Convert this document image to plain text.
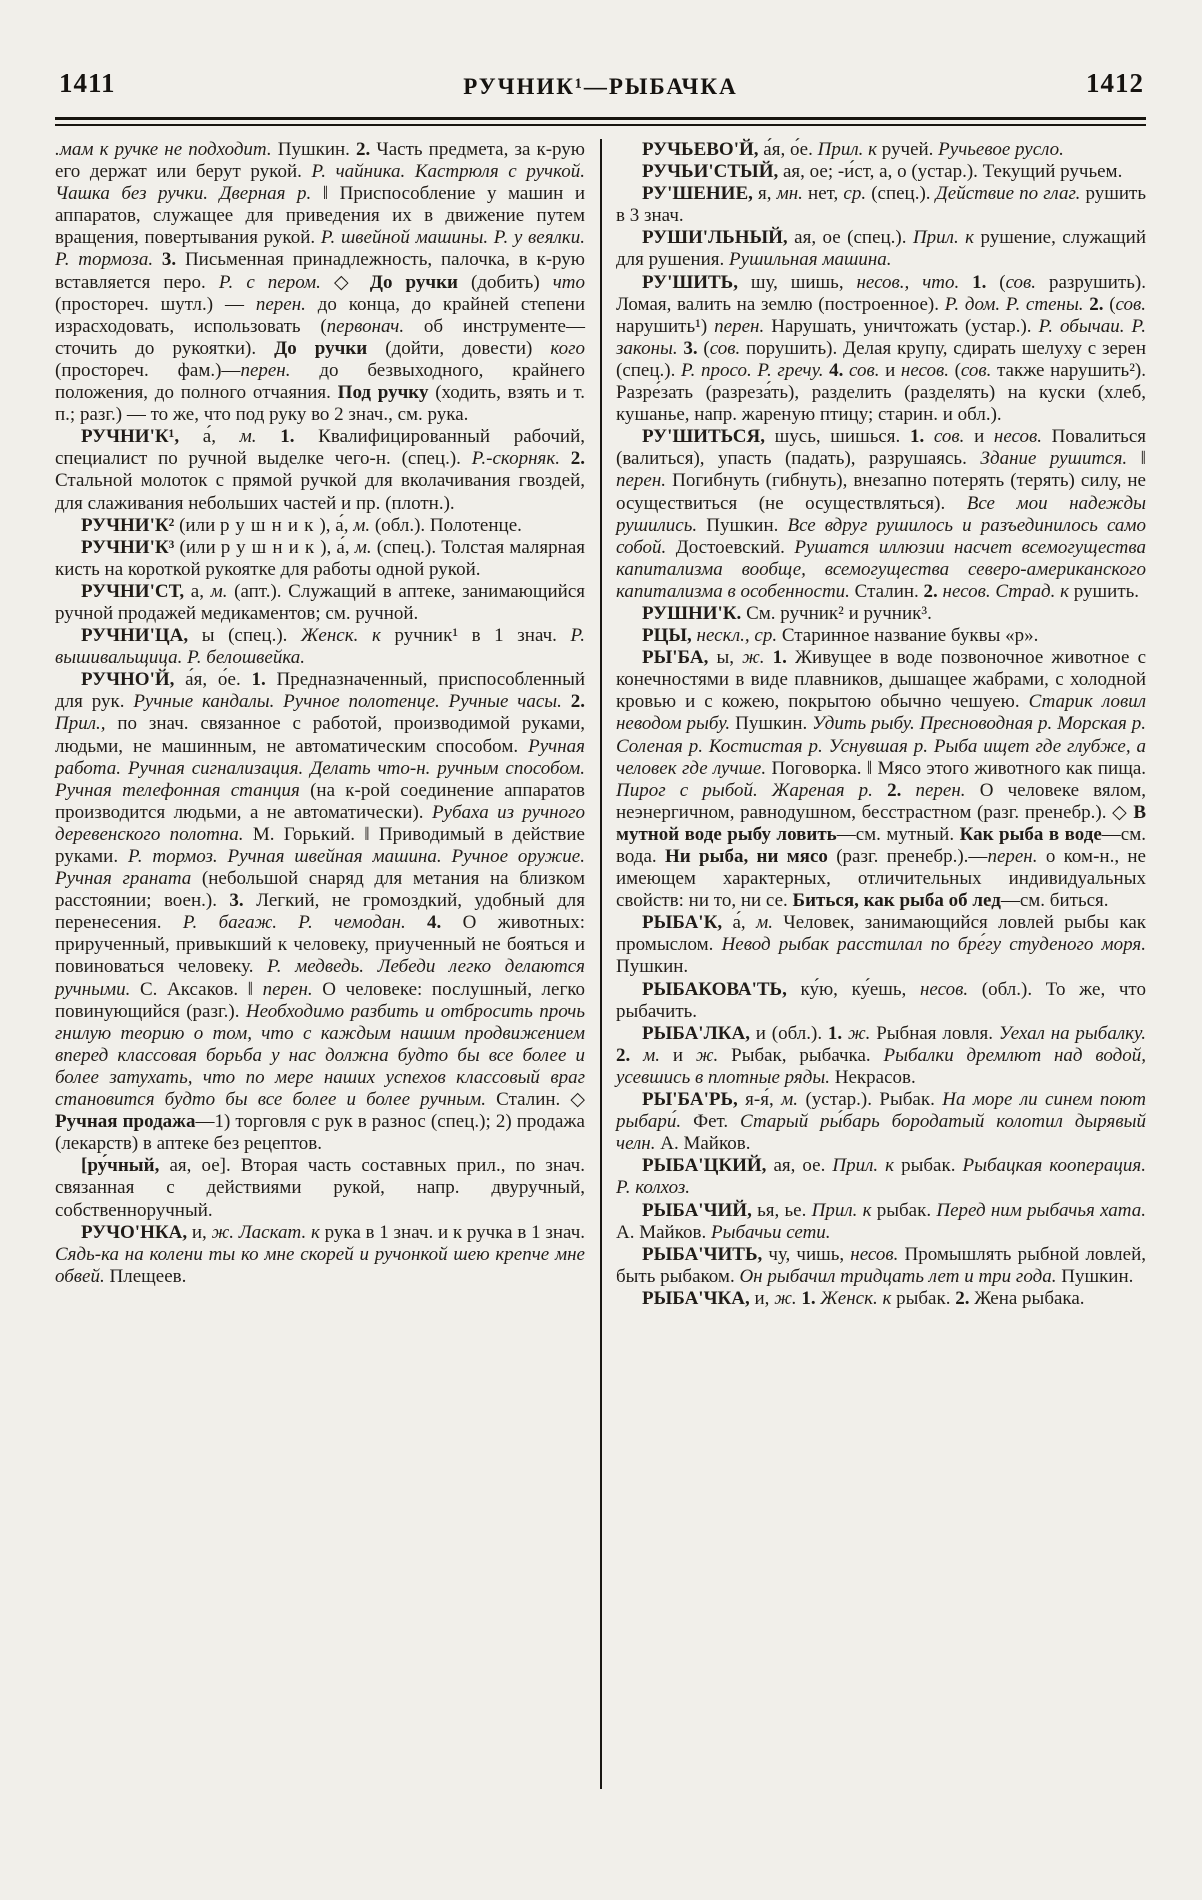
1411	РУЧНИК¹—РЫБАЧКА	1412

.мам к ручке не подходит. Пушкин. 2. Часть предмета, за к-рую его держат или берут рукой. Р. чайника. Кастрюля с ручкой. Чашка без ручки. Дверная р. ‖ Приспособление у машин и аппаратов, служащее для приведения их в движение путем вращения, повертывания рукой. Р. швейной машины. Р. у веялки. Р. тормоза. 3. Письменная принадлежность, палочка, в к-рую вставляется перо. Р. с пером. ◇ До ручки (добить) что (простореч. шутл.) — перен. до конца, до крайней степени израсходовать, использовать (первонач. об инструменте—сточить до рукоятки). До ручки (дойти, довести) кого (простореч. фам.)—перен. до безвыходного, крайнего положения, до полного отчаяния. Под ручку (ходить, взять и т. п.; разг.) — то же, что под руку во 2 знач., см. рука.

РУЧНИ'К¹, а́, м. 1. Квалифицированный рабочий, специалист по ручной выделке чего-н. (спец.). Р.-скорняк. 2. Стальной молоток с прямой ручкой для вколачивания гвоздей, для слаживания небольших частей и пр. (плотн.).

РУЧНИ'К² (или рушник), а́, м. (обл.). Полотенце.

РУЧНИ'К³ (или рушник), а́, м. (спец.). Толстая малярная кисть на короткой рукоятке для работы одной рукой.

РУЧНИ'СТ, а, м. (апт.). Служащий в аптеке, занимающийся ручной продажей медикаментов; см. ручной.

РУЧНИ'ЦА, ы (спец.). Женск. к ручник¹ в 1 знач. Р. вышивальщица. Р. белошвейка.

РУЧНО'Й, а́я, о́е. 1. Предназначенный, приспособленный для рук. Ручные кандалы. Ручное полотенце. Ручные часы. 2. Прил., по знач. связанное с работой, производимой руками, людьми, не машинным, не автоматическим способом. Ручная работа. Ручная сигнализация. Делать что-н. ручным способом. Ручная телефонная станция (на к-рой соединение аппаратов производится людьми, а не автоматически). Рубаха из ручного деревенского полотна. М. Горький. ‖ Приводимый в действие руками. Р. тормоз. Ручная швейная машина. Ручное оружие. Ручная граната (небольшой снаряд для метания на близком расстоянии; воен.). 3. Легкий, не громоздкий, удобный для перенесения. Р. багаж. Р. чемодан. 4. О животных: прирученный, привыкший к человеку, приученный не бояться и повиноваться человеку. Р. медведь. Лебеди легко делаются ручными. С. Аксаков. ‖ перен. О человеке: послушный, легко повинующийся (разг.). Необходимо разбить и отбросить прочь гнилую теорию о том, что с каждым нашим продвижением вперед классовая борьба у нас должна будто бы все более и более затухать, что по мере наших успехов классовый враг становится будто бы все более и более ручным. Сталин. ◇ Ручная продажа—1) торговля с рук в разнос (спец.); 2) продажа (лекарств) в аптеке без рецептов.

[ру́чный, ая, ое]. Вторая часть составных прил., по знач. связанная с действиями рукой, напр. двуручный, собственноручный.

РУЧО'НКА, и, ж. Ласкат. к рука в 1 знач. и к ручка в 1 знач. Сядь-ка на колени ты ко мне скорей и ручонкой шею крепче мне обвей. Плещеев.

РУЧЬЕВО'Й, а́я, о́е. Прил. к ручей. Ручьевое русло.

РУЧЬИ'СТЫЙ, ая, ое; -и́ст, а, о (устар.). Текущий ручьем.

РУ'ШЕНИЕ, я, мн. нет, ср. (спец.). Действие по глаг. рушить в 3 знач.

РУШИ'ЛЬНЫЙ, ая, ое (спец.). Прил. к рушение, служащий для рушения. Рушильная машина.

РУ'ШИТЬ, шу, шишь, несов., что. 1. (сов. разрушить). Ломая, валить на землю (построенное). Р. дом. Р. стены. 2. (сов. нарушить¹) перен. Нарушать, уничтожать (устар.). Р. обычаи. Р. законы. 3. (сов. порушить). Делая крупу, сдирать шелуху с зерен (спец.). Р. просо. Р. гречу. 4. сов. и несов. (сов. также нарушить²). Разре́зать (разреза́ть), разделить (разделять) на куски (хлеб, кушанье, напр. жареную птицу; старин. и обл.).

РУ'ШИТЬСЯ, шусь, шишься. 1. сов. и несов. Повалиться (валиться), упасть (падать), разрушаясь. Здание рушится. ‖ перен. Погибнуть (гибнуть), внезапно потерять (терять) силу, не осуществиться (не осуществляться). Все мои надежды рушились. Пушкин. Все вдруг рушилось и разъединилось само собой. Достоевский. Рушатся иллюзии насчет всемогущества капитализма вообще, всемогущества северо-американского капитализма в особенности. Сталин. 2. несов. Страд. к рушить.

РУШНИ'К. См. ручник² и ручник³.

РЦЫ, нескл., ср. Старинное название буквы «р».

РЫ'БА, ы, ж. 1. Живущее в воде позвоночное животное с конечностями в виде плавников, дышащее жабрами, с холодной кровью и с кожею, покрытою обычно чешуею. Старик ловил неводом рыбу. Пушкин. Удить рыбу. Пресноводная р. Морская р. Соленая р. Костистая р. Уснувшая р. Рыба ищет где глубже, а человек где лучше. Поговорка. ‖ Мясо этого животного как пища. Пирог с рыбой. Жареная р. 2. перен. О человеке вялом, неэнергичном, равнодушном, бесстрастном (разг. пренебр.). ◇ В мутной воде рыбу ловить—см. мутный. Как рыба в воде—см. вода. Ни рыба, ни мясо (разг. пренебр.).—перен. о ком-н., не имеющем характерных, отличительных индивидуальных свойств: ни то, ни се. Биться, как рыба об лед—см. биться.

РЫБА'К, а́, м. Человек, занимающийся ловлей рыбы как промыслом. Невод рыбак расстилал по бре́гу студеного моря. Пушкин.

РЫБАКОВА'ТЬ, ку́ю, ку́ешь, несов. (обл.). То же, что рыбачить.

РЫБА'ЛКА, и (обл.). 1. ж. Рыбная ловля. Уехал на рыбалку. 2. м. и ж. Рыбак, рыбачка. Рыбалки дремлют над водой, усевшись в плотные ряды. Некрасов.

РЫ'БА'РЬ, я-я́, м. (устар.). Рыбак. На море ли синем поют рыбари́. Фет. Старый ры́барь бородатый колотил дырявый челн. А. Майков.

РЫБА'ЦКИЙ, ая, ое. Прил. к рыбак. Рыбацкая кооперация. Р. колхоз.

РЫБА'ЧИЙ, ья, ье. Прил. к рыбак. Перед ним рыбачья хата. А. Майков. Рыбачьи сети.

РЫБА'ЧИТЬ, чу, чишь, несов. Промышлять рыбной ловлей, быть рыбаком. Он рыбачил тридцать лет и три года. Пушкин.

РЫБА'ЧКА, и, ж. 1. Женск. к рыбак. 2. Жена рыбака.
